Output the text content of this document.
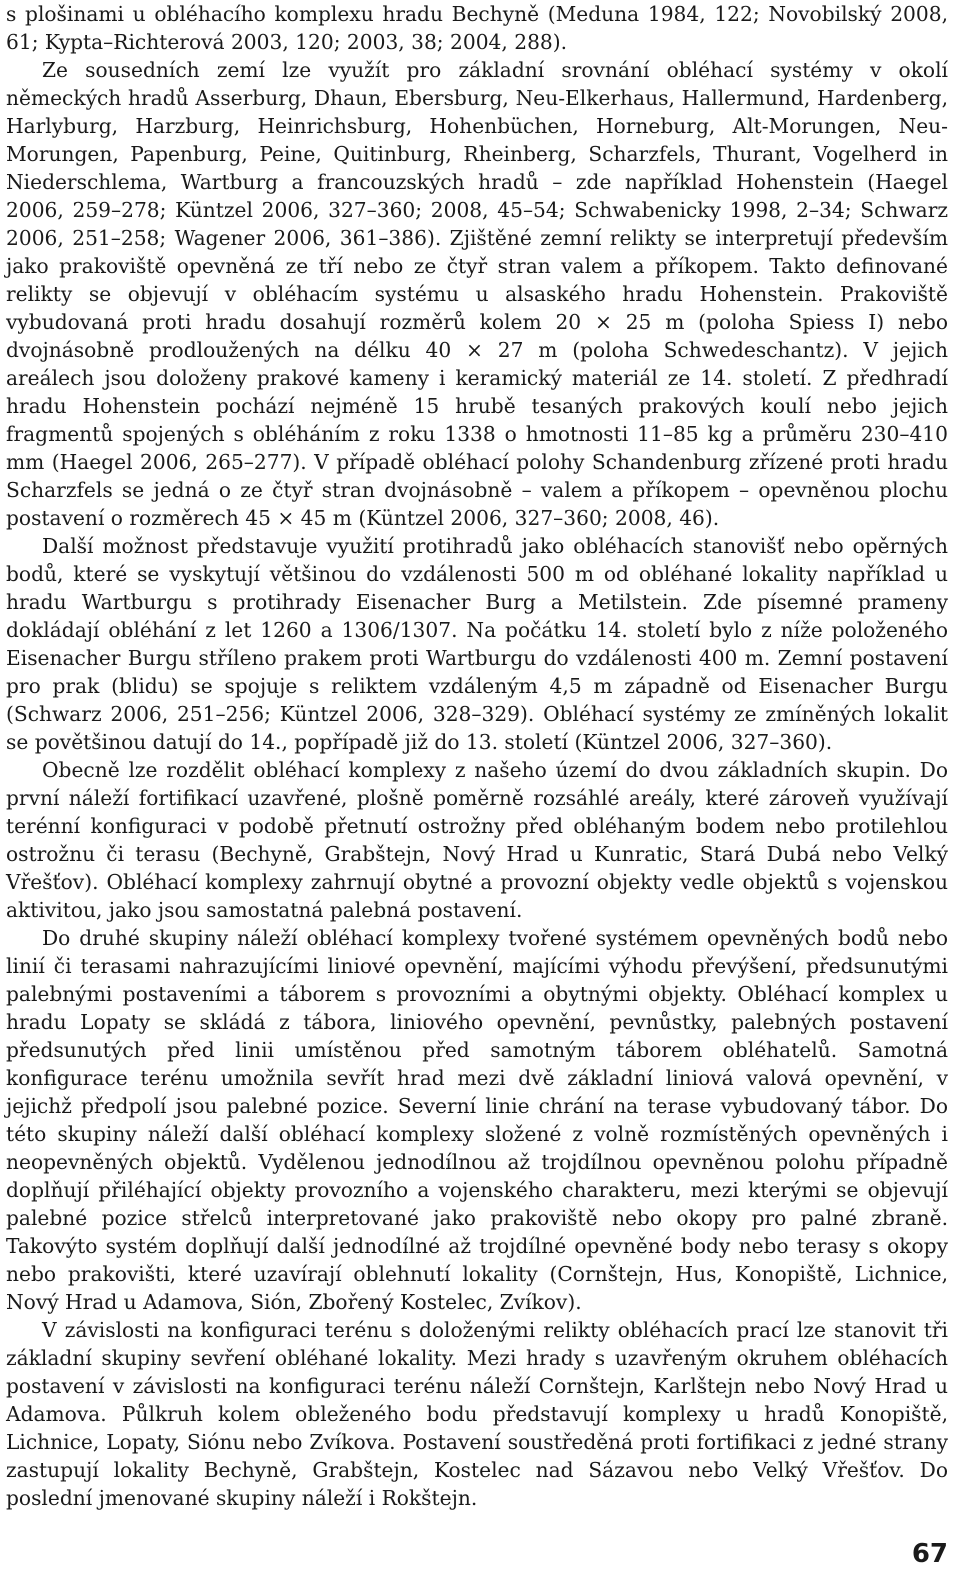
s plošinami u obléhacího komplexu hradu Bechyně (Meduna 1984, 122; Novobilský 2008, 61; Kypta–Richterová 2003, 120; 2003, 38; 2004, 288).

Ze sousedních zemí lze využít pro základní srovnání obléhací systémy v okolí německých hradů Asserburg, Dhaun, Ebersburg, Neu-Elkerhaus, Hallermund, Hardenberg, Harlyburg, Harzburg, Heinrichsburg, Hohenbüchen, Horneburg, Alt-Morungen, Neu-Morungen, Papenburg, Peine, Quitinburg, Rheinberg, Scharzfels, Thurant, Vogelherd in Niederschlema, Wartburg a francouzských hradů – zde například Hohenstein (Haegel 2006, 259–278; Küntzel 2006, 327–360; 2008, 45–54; Schwabenicky 1998, 2–34; Schwarz 2006, 251–258; Wagener 2006, 361–386). Zjištěné zemní relikty se interpretují především jako prakoviště opevněná ze tří nebo ze čtyř stran valem a příkopem. Takto definované relikty se objevují v obléhacím systému u alsaského hradu Hohenstein. Prakoviště vybudovaná proti hradu dosahují rozměrů kolem 20 × 25 m (poloha Spiess I) nebo dvojnásobně prodloužených na délku 40 × 27 m (poloha Schwedeschantz). V jejich areálech jsou doloženy prakové kameny i keramický materiál ze 14. století. Z předhradí hradu Hohenstein pochází nejméně 15 hrubě tesaných prakových koulí nebo jejich fragmentů spojených s obléháním z roku 1338 o hmotnosti 11–85 kg a průměru 230–410 mm (Haegel 2006, 265–277). V případě obléhací polohy Schandenburg zřízené proti hradu Scharzfels se jedná o ze čtyř stran dvojnásobně – valem a příkopem – opevněnou plochu postavení o rozměrech 45 × 45 m (Küntzel 2006, 327–360; 2008, 46).

Další možnost představuje využití protihradů jako obléhacích stanovišť nebo opěrných bodů, které se vyskytují většinou do vzdálenosti 500 m od obléhané lokality například u hradu Wartburgu s protihrady Eisenacher Burg a Metilstein. Zde písemné prameny dokládají obléhání z let 1260 a 1306/1307. Na počátku 14. století bylo z níže položeného Eisenacher Burgu stříleno prakem proti Wartburgu do vzdálenosti 400 m. Zemní postavení pro prak (blidu) se spojuje s reliktem vzdáleným 4,5 m západně od Eisenacher Burgu (Schwarz 2006, 251–256; Küntzel 2006, 328–329). Obléhací systémy ze zmíněných lokalit se povětšinou datují do 14., popřípadě již do 13. století (Küntzel 2006, 327–360).

Obecně lze rozdělit obléhací komplexy z našeho území do dvou základních skupin. Do první náleží fortifikací uzavřené, plošně poměrně rozsáhlé areály, které zároveň využívají terénní konfiguraci v podobě přetnutí ostrožny před obléhaným bodem nebo protilehlou ostrožnu či terasu (Bechyně, Grabštejn, Nový Hrad u Kunratic, Stará Dubá nebo Velký Vřešťov). Obléhací komplexy zahrnují obytné a provozní objekty vedle objektů s vojenskou aktivitou, jako jsou samostatná palebná postavení.

Do druhé skupiny náleží obléhací komplexy tvořené systémem opevněných bodů nebo linií či terasami nahrazujícími liniové opevnění, majícími výhodu převýšení, předsunutými palebnými postaveními a táborem s provozními a obytnými objekty. Obléhací komplex u hradu Lopaty se skládá z tábora, liniového opevnění, pevnůstky, palebných postavení předsunutých před linii umístěnou před samotným táborem obléhatelů. Samotná konfigurace terénu umožnila sevřít hrad mezi dvě základní liniová valová opevnění, v jejichž předpolí jsou palebné pozice. Severní linie chrání na terase vybudovaný tábor. Do této skupiny náleží další obléhací komplexy složené z volně rozmístěných opevněných i neopevněných objektů. Vydělenou jednodílnou až trojdílnou opevněnou polohu případně doplňují přiléhající objekty provozního a vojenského charakteru, mezi kterými se objevují palebné pozice střelců interpretované jako prakoviště nebo okopy pro palné zbraně. Takovýto systém doplňují další jednodílné až trojdílné opevněné body nebo terasy s okopy nebo prakovišti, které uzavírají oblehnutí lokality (Cornštejn, Hus, Konopiště, Lichnice, Nový Hrad u Adamova, Sión, Zbořený Kostelec, Zvíkov).

V závislosti na konfiguraci terénu s doloženými relikty obléhacích prací lze stanovit tři základní skupiny sevření obléhané lokality. Mezi hrady s uzavřeným okruhem obléhacích postavení v závislosti na konfiguraci terénu náleží Cornštejn, Karlštejn nebo Nový Hrad u Adamova. Půlkruh kolem obleženého bodu představují komplexy u hradů Konopiště, Lichnice, Lopaty, Siónu nebo Zvíkova. Postavení soustředěná proti fortifikaci z jedné strany zastupují lokality Bechyně, Grabštejn, Kostelec nad Sázavou nebo Velký Vřešťov. Do poslední jmenované skupiny náleží i Rokštejn.

67
